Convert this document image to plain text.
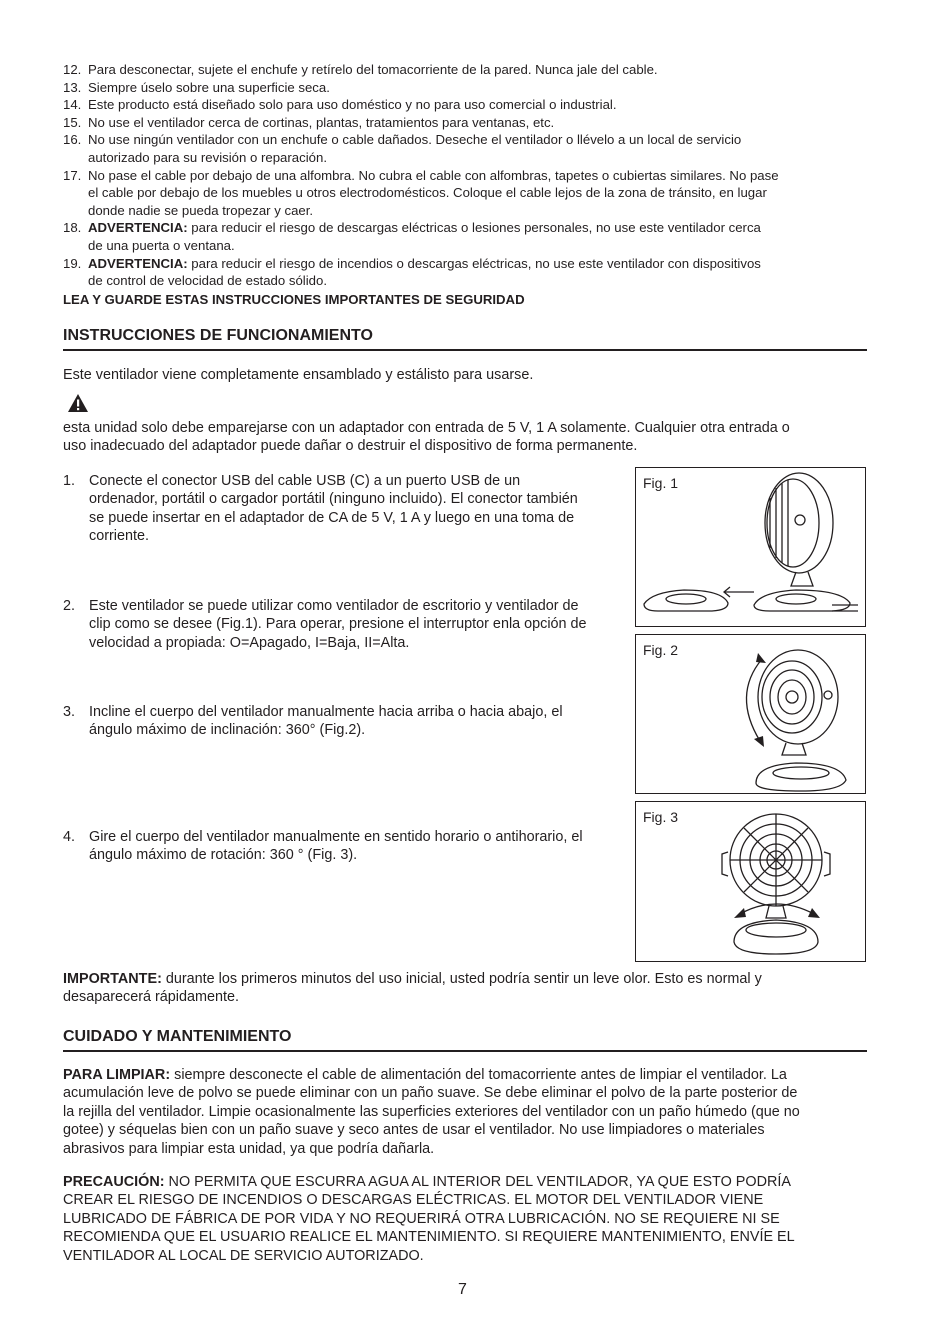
12. Para desconectar, sujete el enchufe y retírelo del tomacorriente de la pared. Nunca jale del cable.
13. Siempre úselo sobre una superficie seca.
14. Este producto está diseñado solo para uso doméstico y no para uso comercial o industrial.
15. No use el ventilador cerca de cortinas, plantas, tratamientos para ventanas, etc.
16. No use ningún ventilador con un enchufe o cable dañados. Deseche el ventilador o llévelo a un local de servicio
autorizado para su revisión o reparación.
17. No pase el cable por debajo de una alfombra. No cubra el cable con alfombras, tapetes o cubiertas similares. No pase
el cable por debajo de los muebles u otros electrodomésticos. Coloque el cable lejos de la zona de tránsito, en lugar
donde nadie se pueda tropezar y caer.
18. ADVERTENCIA: para reducir el riesgo de descargas eléctricas o lesiones personales, no use este ventilador cerca
de una puerta o ventana.
19. ADVERTENCIA: para reducir el riesgo de incendios o descargas eléctricas, no use este ventilador con dispositivos
de control de velocidad de estado sólido.
LEA Y GUARDE ESTAS INSTRUCCIONES IMPORTANTES DE SEGURIDAD
INSTRUCCIONES DE FUNCIONAMIENTO
Este ventilador viene completamente ensamblado y estálisto para usarse.
esta unidad solo debe emparejarse con un adaptador con entrada de 5 V, 1 A solamente. Cualquier otra entrada o
uso inadecuado del adaptador puede dañar o destruir el dispositivo de forma permanente.
1. Conecte el conector USB del cable USB (C) a un puerto USB de un
ordenador, portátil o cargador portátil (ninguno incluido). El conector también
se puede insertar en el adaptador de CA de 5 V, 1 A y luego en una toma de
corriente.
2. Este ventilador se puede utilizar como ventilador de escritorio y ventilador de
clip como se desee (Fig.1). Para operar, presione el interruptor enla opción de
velocidad a propiada: O=Apagado, I=Baja, II=Alta.
3. Incline el cuerpo del ventilador manualmente hacia arriba o hacia abajo, el
ángulo máximo de inclinación: 360° (Fig.2).
4. Gire el cuerpo del ventilador manualmente en sentido horario o antihorario, el
ángulo máximo de rotación: 360 ° (Fig. 3).
Fig. 1
Fig. 2
Fig. 3
IMPORTANTE: durante los primeros minutos del uso inicial, usted podría sentir un leve olor. Esto es normal y
desaparecerá rápidamente.
CUIDADO Y MANTENIMIENTO
PARA LIMPIAR: siempre desconecte el cable de alimentación del tomacorriente antes de limpiar el ventilador. La
acumulación leve de polvo se puede eliminar con un paño suave. Se debe eliminar el polvo de la parte posterior de
la rejilla del ventilador. Limpie ocasionalmente las superficies exteriores del ventilador con un paño húmedo (que no
gotee) y séquelas bien con un paño suave y seco antes de usar el ventilador. No use limpiadores o materiales
abrasivos para limpiar esta unidad, ya que podría dañarla.
PRECAUCIÓN: NO PERMITA QUE ESCURRA AGUA AL INTERIOR DEL VENTILADOR, YA QUE ESTO PODRÍA
CREAR EL RIESGO DE INCENDIOS O DESCARGAS ELÉCTRICAS. EL MOTOR DEL VENTILADOR VIENE
LUBRICADO DE FÁBRICA DE POR VIDA Y NO REQUERIRÁ OTRA LUBRICACIÓN. NO SE REQUIERE NI SE
RECOMIENDA QUE EL USUARIO REALICE EL MANTENIMIENTO. SI REQUIERE MANTENIMIENTO, ENVÍE EL
VENTILADOR AL LOCAL DE SERVICIO AUTORIZADO.
7
